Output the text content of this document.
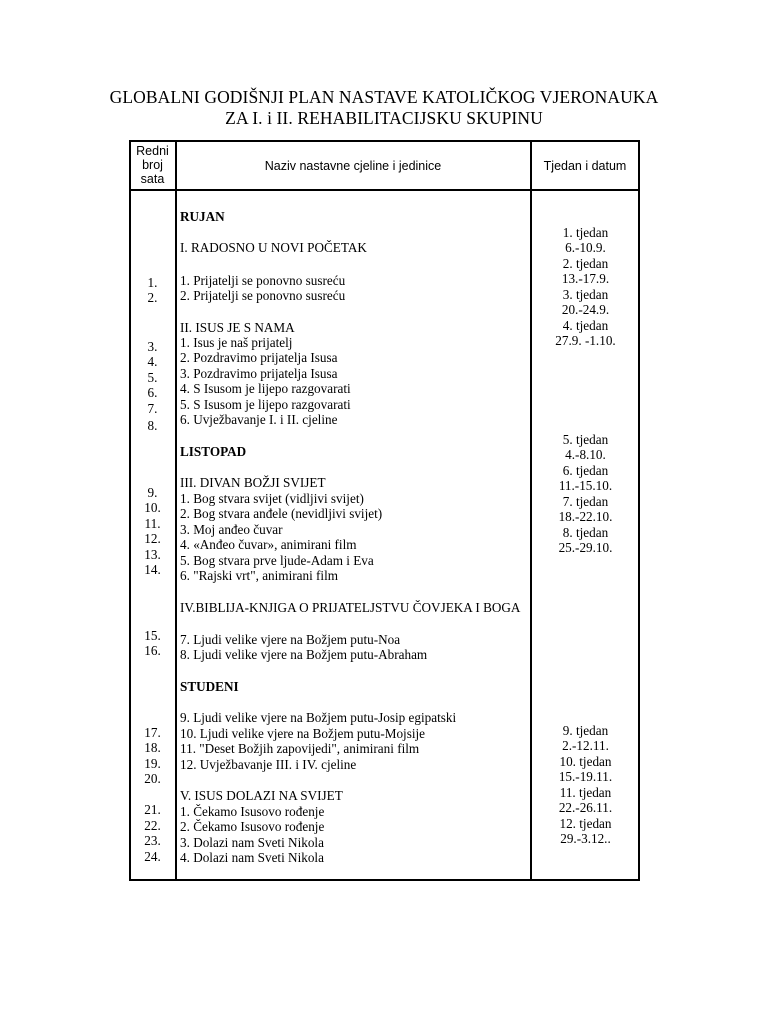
GLOBALNI GODIŠNJI PLAN NASTAVE KATOLIČKOG VJERONAUKA
ZA I. i II. REHABILITACIJSKU SKUPINU
Redni
broj
sata
Naziv nastavne cjeline i jedinice	Tjedan i datum
RUJAN
I. RADOSNO U NOVI POČETAK
1. Prijatelji se ponovno susreću
2. Prijatelji se ponovno susreću
II. ISUS JE S NAMA
1. Isus je naš prijatelj
2. Pozdravimo prijatelja Isusa
3. Pozdravimo prijatelja Isusa
4. S Isusom je lijepo razgovarati
5. S Isusom je lijepo razgovarati
6. Uvježbavanje I. i II. cjeline
LISTOPAD
III. DIVAN BOŽJI SVIJET
1. Bog stvara svijet (vidljivi svijet)
2. Bog stvara anđele (nevidljivi svijet)
3. Moj anđeo čuvar
4. «Anđeo čuvar», animirani film
5. Bog stvara prve ljude-Adam i Eva
6. "Rajski vrt", animirani film
IV.BIBLIJA-KNJIGA O PRIJATELJSTVU ČOVJEKA I BOGA
7. Ljudi velike vjere na Božjem putu-Noa
8. Ljudi velike vjere na Božjem putu-Abraham
STUDENI
9. Ljudi velike vjere na Božjem putu-Josip egipatski
10. Ljudi velike vjere na Božjem putu-Mojsije
11. "Deset Božjih zapovijedi", animirani film
12. Uvježbavanje III. i IV. cjeline
V. ISUS DOLAZI NA SVIJET
1. Čekamo Isusovo rođenje
2. Čekamo Isusovo rođenje
3. Dolazi nam Sveti Nikola
4. Dolazi nam Sveti Nikola
1.
2.
3.
4.
5.
6.
7.
8.
9.
10.
11.
12.
13.
14.
15.
16.
17.
18.
19.
20.
21.
22.
23.
24.
1. tjedan
6.-10.9.
2. tjedan
13.-17.9.
3. tjedan
20.-24.9.
4. tjedan
27.9. -1.10.
5. tjedan
4.-8.10.
6. tjedan
11.-15.10.
7. tjedan
18.-22.10.
8. tjedan
25.-29.10.
9. tjedan
2.-12.11.
10. tjedan
15.-19.11.
11. tjedan
22.-26.11.
12. tjedan
29.-3.12..
